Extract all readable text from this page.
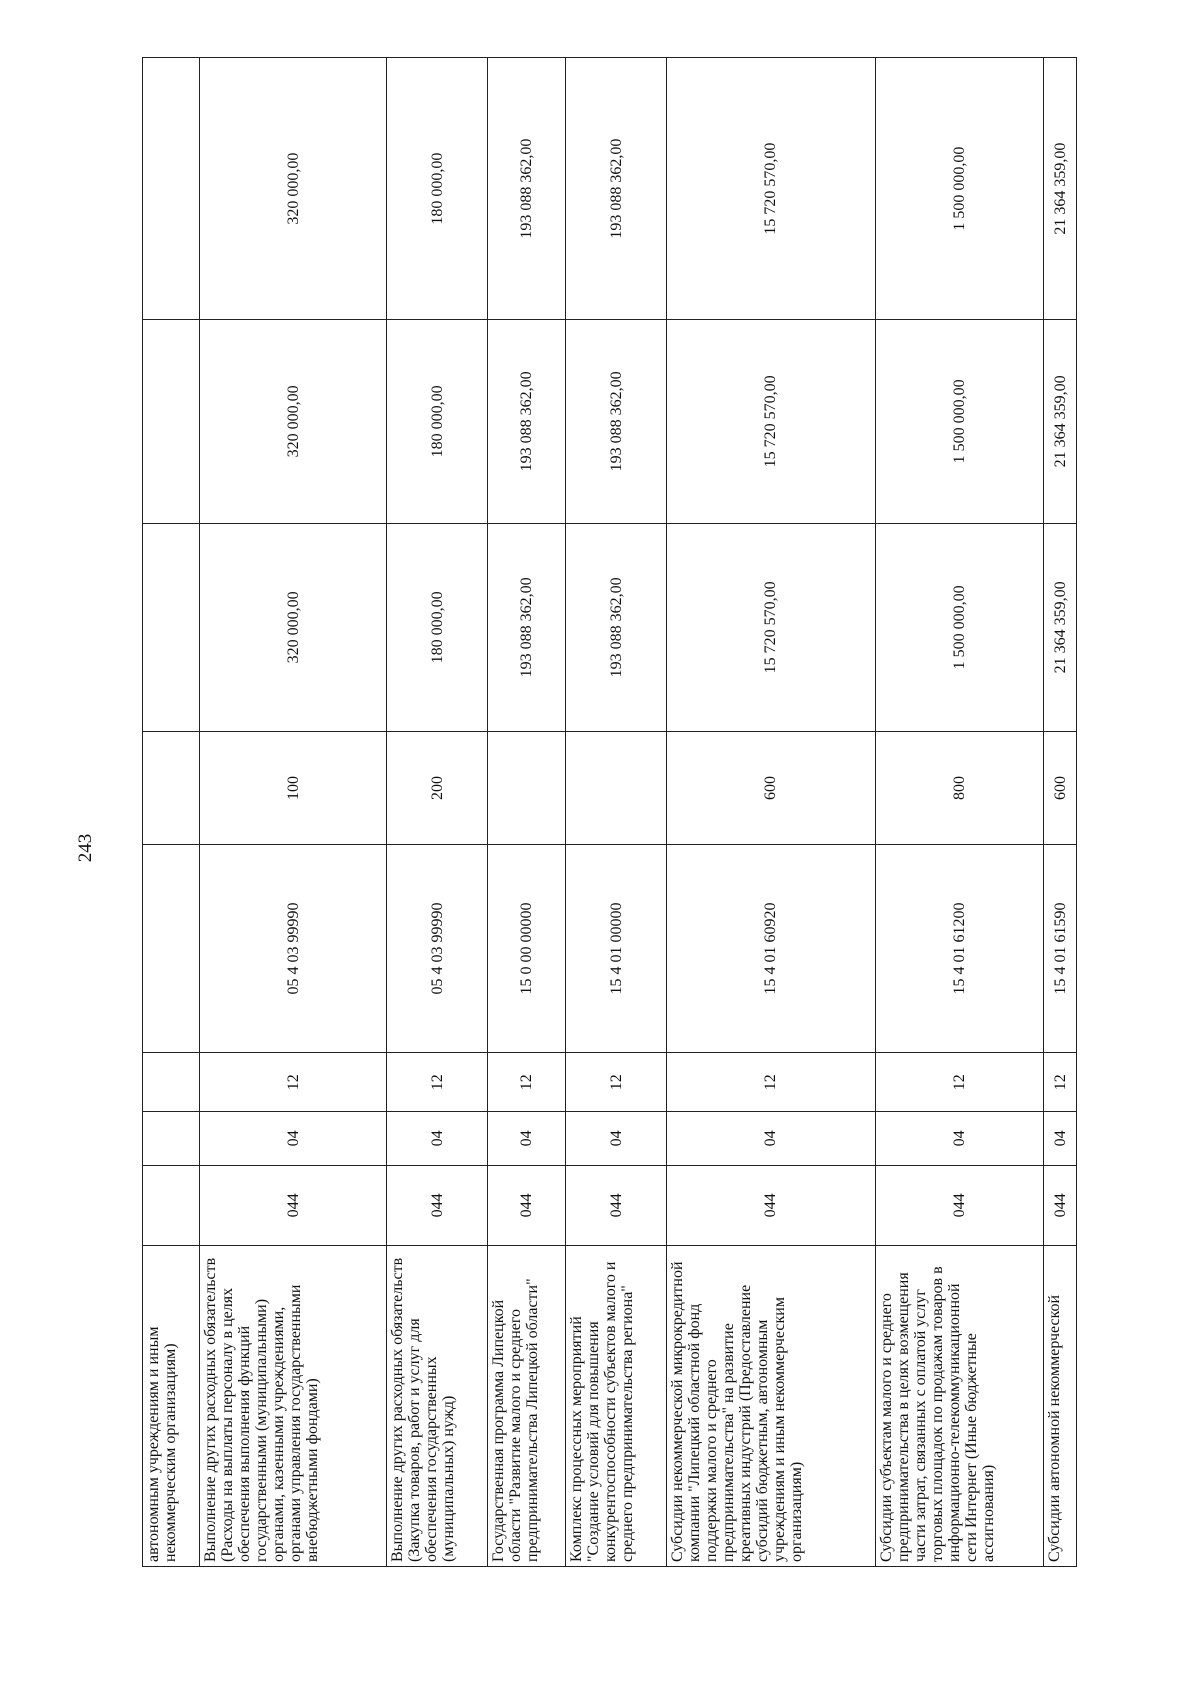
243
автономным учреждениям и иным некоммерческим организациям)								
Выполнение других расходных обязательств (Расходы на выплаты персоналу в целях обеспечения выполнения функций государственными (муниципальными) органами, казенными учреждениями, органами управления государственными внебюджетными фондами)	044	04	12	05 4 03 99990	100	320 000,00	320 000,00	320 000,00
Выполнение других расходных обязательств (Закупка товаров, работ и услуг для обеспечения государственных (муниципальных) нужд)	044	04	12	05 4 03 99990	200	180 000,00	180 000,00	180 000,00
Государственная программа Липецкой области "Развитие малого и среднего предпринимательства Липецкой области"	044	04	12	15 0 00 00000		193 088 362,00	193 088 362,00	193 088 362,00
Комплекс процессных мероприятий "Создание условий для повышения конкурентоспособности субъектов малого и среднего предпринимательства региона"	044	04	12	15 4 01 00000		193 088 362,00	193 088 362,00	193 088 362,00
Субсидии некоммерческой микрокредитной компании "Липецкий областной фонд поддержки малого и среднего предпринимательства" на развитие креативных индустрий (Предоставление субсидий бюджетным, автономным учреждениям и иным некоммерческим организациям)	044	04	12	15 4 01 60920	600	15 720 570,00	15 720 570,00	15 720 570,00
Субсидии субъектам малого и среднего предпринимательства в целях возмещения части затрат, связанных с оплатой услуг торговых площадок по продажам товаров в информационно-телекоммуникационной сети Интернет (Иные бюджетные ассигнования)	044	04	12	15 4 01 61200	800	1 500 000,00	1 500 000,00	1 500 000,00
Субсидии автономной некоммерческой	044	04	12	15 4 01 61590	600	21 364 359,00	21 364 359,00	21 364 359,00
